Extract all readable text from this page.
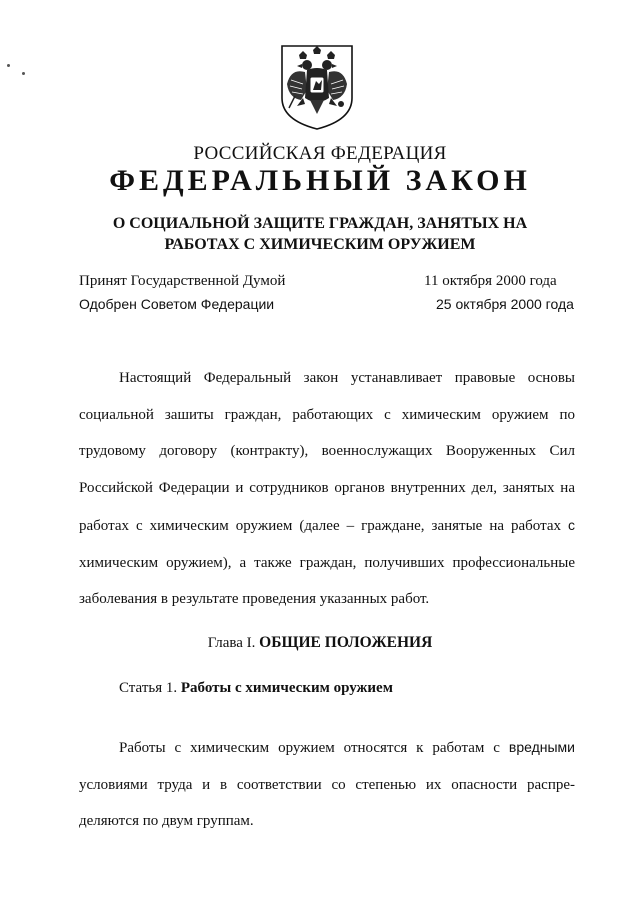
РОССИЙСКАЯ ФЕДЕРАЦИЯ
ФЕДЕРАЛЬНЫЙ ЗАКОН
О СОЦИАЛЬНОЙ ЗАЩИТЕ ГРАЖДАН, ЗАНЯТЫХ НА
РАБОТАХ С ХИМИЧЕСКИМ ОРУЖИЕМ
Принят Государственной Думой	11 октября 2000 года
Одобрен Советом Федерации	25 октября 2000 года
Настоящий Федеральный закон устанавливает правовые основы социальной зашиты граждан, работающих с химическим оружием по трудовому договору (контракту), военнослужащих Вооруженных Сил Российской Федерации и сотрудников органов внутренних дел, занятых на работах с химическим оружием (далее – граждане, занятые на работах с химическим оружием), а также граждан, получивших профессиональные заболевания в результате проведения указанных работ.
Глава I. ОБЩИЕ ПОЛОЖЕНИЯ
Статья 1. Работы с химическим оружием
Работы с химическим оружием относятся к работам с вредными условиями труда и в соответствии со степенью их опасности распре-деляются по двум группам.
